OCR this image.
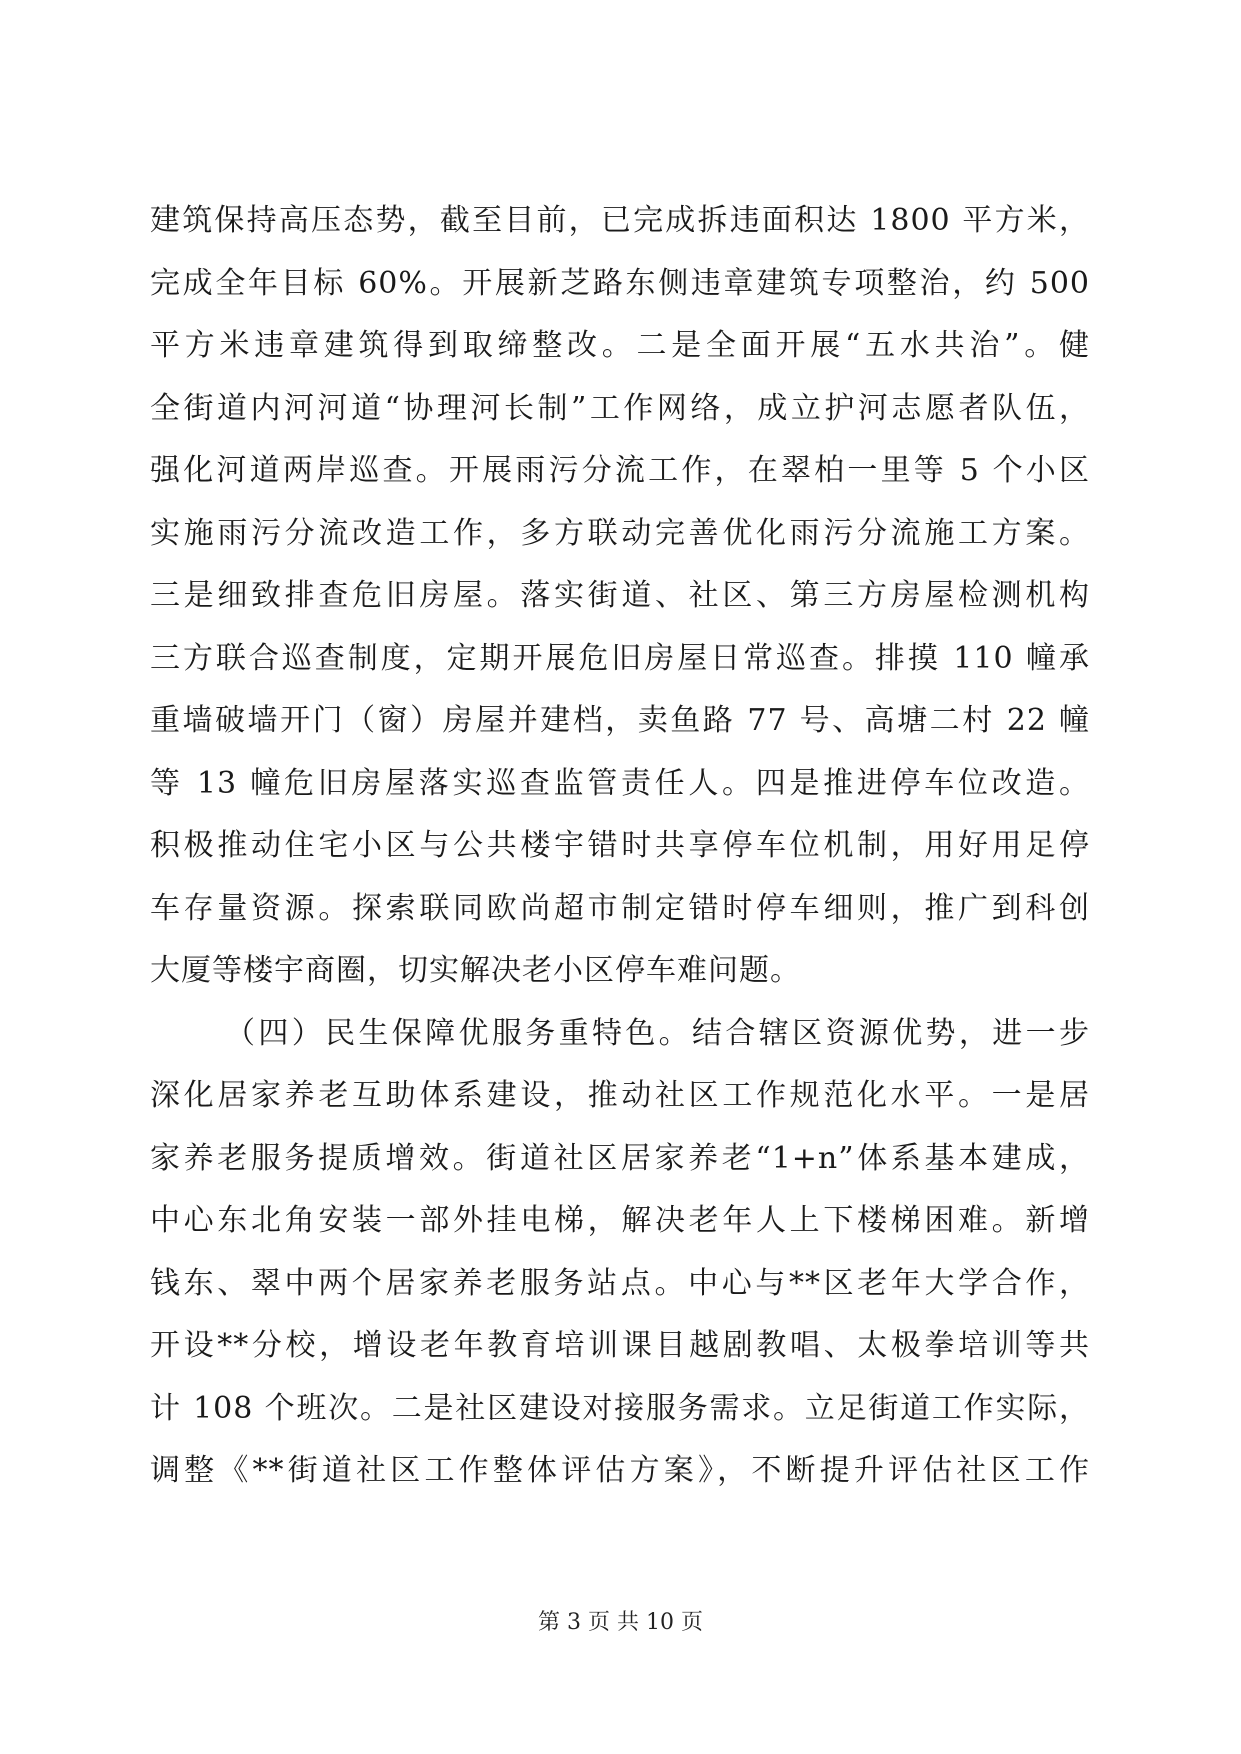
建筑保持高压态势，截至目前，已完成拆违面积达 1800 平方米，
完成全年目标 60%。开展新芝路东侧违章建筑专项整治，约 500
平方米违章建筑得到取缔整改。二是全面开展“五水共治”。健
全街道内河河道“协理河长制”工作网络，成立护河志愿者队伍，
强化河道两岸巡查。开展雨污分流工作，在翠柏一里等 5 个小区
实施雨污分流改造工作，多方联动完善优化雨污分流施工方案。
三是细致排查危旧房屋。落实街道、社区、第三方房屋检测机构
三方联合巡查制度，定期开展危旧房屋日常巡查。排摸 110 幢承
重墙破墙开门（窗）房屋并建档，卖鱼路 77 号、高塘二村 22 幢
等 13 幢危旧房屋落实巡查监管责任人。四是推进停车位改造。
积极推动住宅小区与公共楼宇错时共享停车位机制，用好用足停
车存量资源。探索联同欧尚超市制定错时停车细则，推广到科创
大厦等楼宇商圈，切实解决老小区停车难问题。
（四）民生保障优服务重特色。结合辖区资源优势，进一步
深化居家养老互助体系建设，推动社区工作规范化水平。一是居
家养老服务提质增效。街道社区居家养老“1+n”体系基本建成，
中心东北角安装一部外挂电梯，解决老年人上下楼梯困难。新增
钱东、翠中两个居家养老服务站点。中心与**区老年大学合作，
开设**分校，增设老年教育培训课目越剧教唱、太极拳培训等共
计 108 个班次。二是社区建设对接服务需求。立足街道工作实际，
调整《**街道社区工作整体评估方案》，不断提升评估社区工作
第 3 页 共 10 页
